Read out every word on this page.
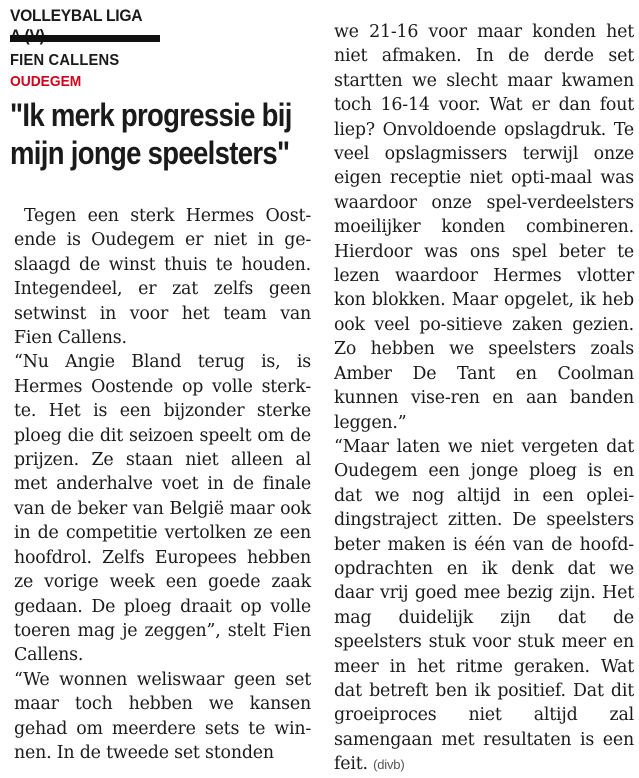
VOLLEYBAL LIGA
FIEN CALLENS
OUDEGEM
"Ik merk progressie bij mijn jonge speelsters"

Tegen een sterk Hermes Oost-ende is Oudegem er niet in ge-slaagd de winst thuis te houden. Integendeel, er zat zelfs geen setwinst in voor het team van Fien Callens.

“Nu Angie Bland terug is, is Hermes Oostende op volle sterk-te. Het is een bijzonder sterke ploeg die dit seizoen speelt om de prijzen. Ze staan niet alleen al met anderhalve voet in de finale van de beker van België maar ook in de competitie vertolken ze een hoofdrol. Zelfs Europees hebben ze vorige week een goede zaak gedaan. De ploeg draait op volle toeren mag je zeggen”, stelt Fien Callens.

“We wonnen weliswaar geen set maar toch hebben we kansen gehad om meerdere sets te win-nen. In de tweede set stonden

we 21-16 voor maar konden het niet afmaken. In de derde set startten we slecht maar kwamen toch 16-14 voor. Wat er dan fout liep? Onvoldoende opslagdruk. Te veel opslagmissers terwijl onze eigen receptie niet opti-maal was waardoor onze spel-verdeelsters moeilijker konden combineren. Hierdoor was ons spel beter te lezen waardoor Hermes vlotter kon blokken. Maar opgelet, ik heb ook veel po-sitieve zaken gezien. Zo hebben we speelsters zoals Amber De Tant en Coolman kunnen visе-ren en aan banden leggen.”

“Maar laten we niet vergeten dat Oudegem een jonge ploeg is en dat we nog altijd in een oplei-dingstraject zitten. De speelsters beter maken is één van de hoofd-opdrachten en ik denk dat we daar vrij goed mee bezig zijn. Het mag duidelijk zijn dat de speelsters stuk voor stuk meer en meer in het ritme geraken. Wat dat betreft ben ik positief. Dat dit groeiproces niet altijd zal samengaan met resultaten is een feit. (divb)
